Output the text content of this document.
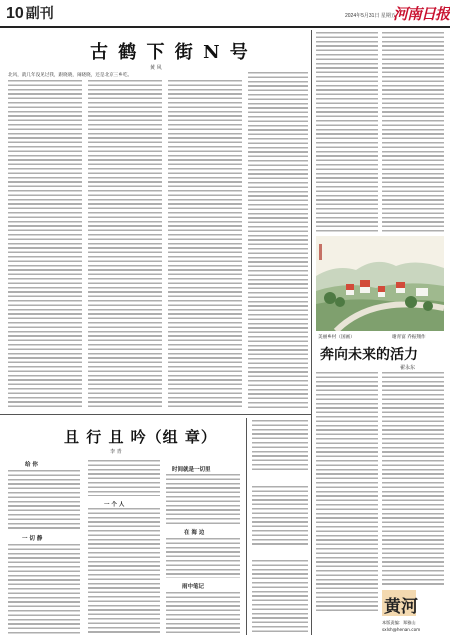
10 副刊	2024年5月31日 星期五
河南日报
古 鹤 下 街 N 号
黄 风
北风，就几年没见过我，跟晓晓，闹晓晓，还是北京三乡吃。
且 行 且 吟（组 章）
李 青
给 你
一 切 静
一 个 人
时间就是一切里
在 海 边
雨中笔记
美丽乡村（国画）	谢青富 乔振翔作
奔向未来的活力
翟永东
黄河
本版责编：郑雅山
sxlsh@henan.com
